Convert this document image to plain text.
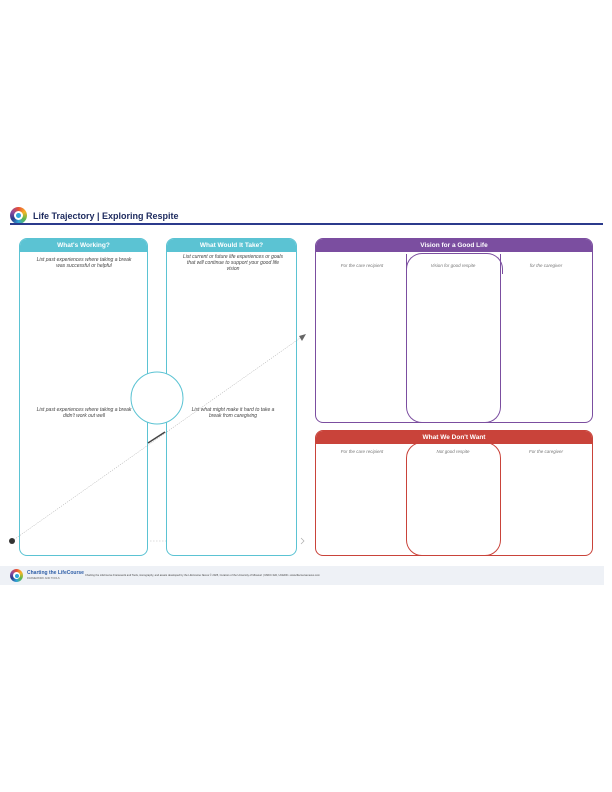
Life Trajectory | Exploring Respite
What's Working?
List past experiences where taking a break was successful or helpful
List past experiences where taking a break didn't work out well
What Would It Take?
List current or future life experiences or goals that will continue to support your good life vision
List what might make it hard to take a break from caregiving
Vision for a Good Life
For the care recipient	Vision for good respite	for the caregiver
What We Don't Want
For the care recipient	Not good respite	For the caregiver
Charting the LifeCourse
FRAMEWORK AND TOOLS
Charting the LifeCourse Framework and Tools, iconography, and assets developed by the LifeCourse Nexus © 2025, Curators of the University of Missouri | UMKC IHD, UCEDD • www.lifecoursenexus.com
